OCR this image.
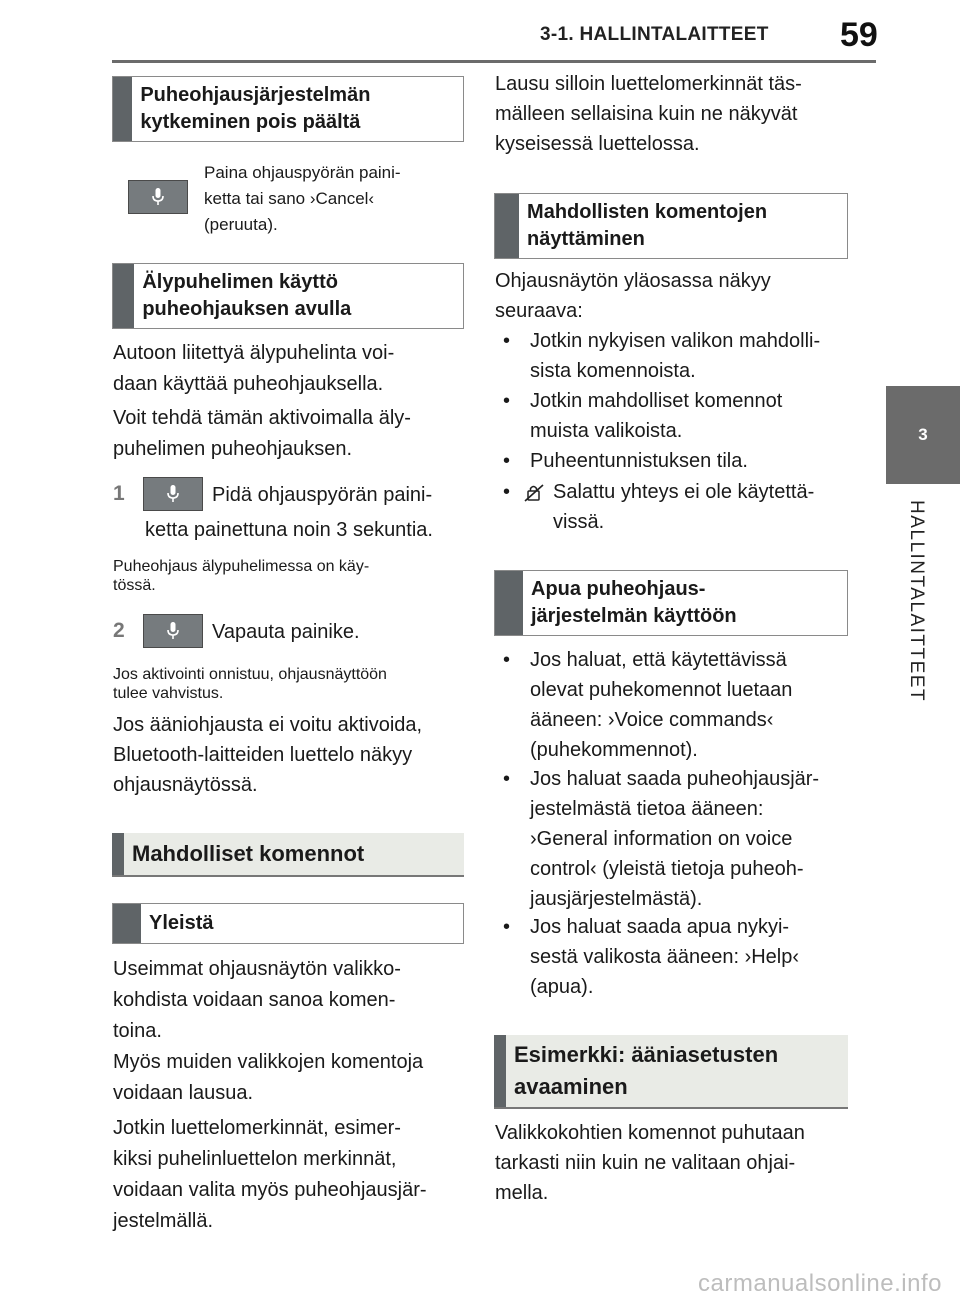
3-1. HALLINTALAITTEET 59
3
HALLINTALAITTEET
Puheohjausjärjestelmän kytkeminen pois päältä
Paina ohjauspyörän paini-
ketta tai sano ›Cancel‹
(peruuta).
Älypuhelimen käyttö puheohjauksen avulla
Autoon liitettyä älypuhelinta voi-
daan käyttää puheohjauksella.
Voit tehdä tämän aktivoimalla äly-
puhelimen puheohjauksen.
1	Pidä ohjauspyörän paini-
ketta painettuna noin 3 sekuntia.
Puheohjaus älypuhelimessa on käy-
tössä.
2	Vapauta painike.
Jos aktivointi onnistuu, ohjausnäyttöön
tulee vahvistus.
Jos ääniohjausta ei voitu aktivoida,
Bluetooth-laitteiden luettelo näkyy
ohjausnäytössä.
Mahdolliset komennot
Yleistä
Useimmat ohjausnäytön valikko-
kohdista voidaan sanoa komen-
toina.
Myös muiden valikkojen komentoja
voidaan lausua.
Jotkin luettelomerkinnät, esimer-
kiksi puhelinluettelon merkinnät,
voidaan valita myös puheohjausjär-
jestelmällä.
Lausu silloin luettelomerkinnät täs-
mälleen sellaisina kuin ne näkyvät
kyseisessä luettelossa.
Mahdollisten komentojen näyttäminen
Ohjausnäytön yläosassa näkyy
seuraava:
• Jotkin nykyisen valikon mahdolli-
sista komennoista.
• Jotkin mahdolliset komennot
muista valikoista.
• Puheentunnistuksen tila.
• Salattu yhteys ei ole käytettä-
vissä.
Apua puheohjaus-
järjestelmän käyttöön
• Jos haluat, että käytettävissä
olevat puhekomennot luetaan
ääneen: ›Voice commands‹
(puhekommennot).
• Jos haluat saada puheohjausjär-
jestelmästä tietoa ääneen:
›General information on voice
control‹ (yleistä tietoja puheoh-
jausjärjestelmästä).
• Jos haluat saada apua nykyi-
sestä valikosta ääneen: ›Help‹
(apua).
Esimerkki: ääniasetusten
avaaminen
Valikkokohtien komennot puhutaan
tarkasti niin kuin ne valitaan ohjai-
mella.
carmanualsonline.info
